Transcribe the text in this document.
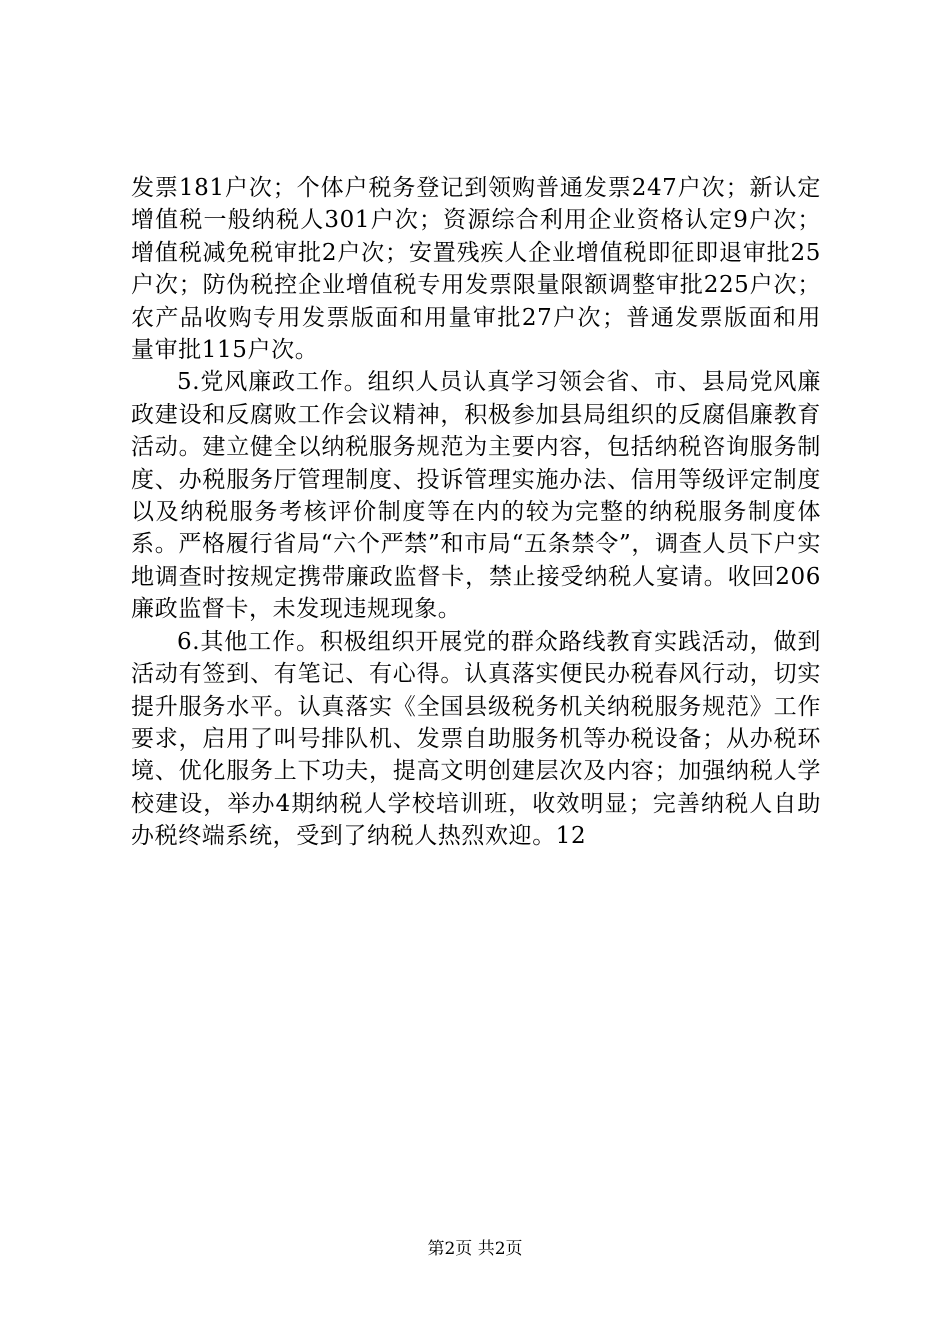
发票181户次；个体户税务登记到领购普通发票247户次；新认定增值税一般纳税人301户次；资源综合利用企业资格认定9户次；增值税减免税审批2户次；安置残疾人企业增值税即征即退审批25户次；防伪税控企业增值税专用发票限量限额调整审批225户次；农产品收购专用发票版面和用量审批27户次；普通发票版面和用量审批115户次。

5.党风廉政工作。组织人员认真学习领会省、市、县局党风廉政建设和反腐败工作会议精神，积极参加县局组织的反腐倡廉教育活动。建立健全以纳税服务规范为主要内容，包括纳税咨询服务制度、办税服务厅管理制度、投诉管理实施办法、信用等级评定制度以及纳税服务考核评价制度等在内的较为完整的纳税服务制度体系。严格履行省局“六个严禁”和市局“五条禁令”，调查人员下户实地调查时按规定携带廉政监督卡，禁止接受纳税人宴请。收回206廉政监督卡，未发现违规现象。

6.其他工作。积极组织开展党的群众路线教育实践活动，做到活动有签到、有笔记、有心得。认真落实便民办税春风行动，切实提升服务水平。认真落实《全国县级税务机关纳税服务规范》工作要求，启用了叫号排队机、发票自助服务机等办税设备；从办税环境、优化服务上下功夫，提高文明创建层次及内容；加强纳税人学校建设，举办4期纳税人学校培训班，收效明显；完善纳税人自助办税终端系统，受到了纳税人热烈欢迎。12

第2页 共2页
